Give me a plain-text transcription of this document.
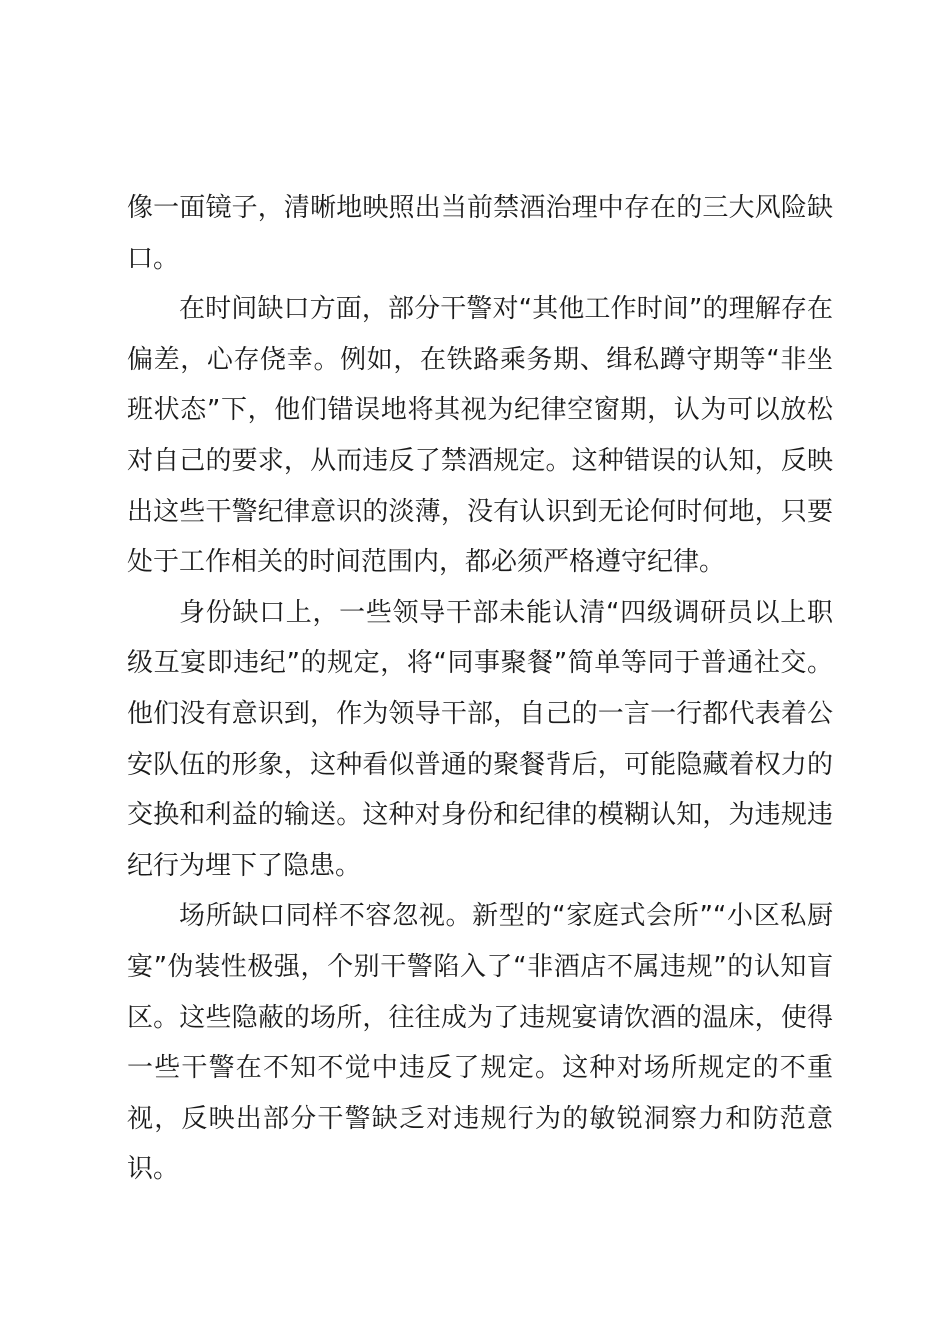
像一面镜子，清晰地映照出当前禁酒治理中存在的三大风险缺口。

在时间缺口方面，部分干警对“其他工作时间”的理解存在偏差，心存侥幸。例如，在铁路乘务期、缉私蹲守期等“非坐班状态”下，他们错误地将其视为纪律空窗期，认为可以放松对自己的要求，从而违反了禁酒规定。这种错误的认知，反映出这些干警纪律意识的淡薄，没有认识到无论何时何地，只要处于工作相关的时间范围内，都必须严格遵守纪律。

身份缺口上，一些领导干部未能认清“四级调研员以上职级互宴即违纪”的规定，将“同事聚餐”简单等同于普通社交。他们没有意识到，作为领导干部，自己的一言一行都代表着公安队伍的形象，这种看似普通的聚餐背后，可能隐藏着权力的交换和利益的输送。这种对身份和纪律的模糊认知，为违规违纪行为埋下了隐患。

场所缺口同样不容忽视。新型的“家庭式会所”“小区私厨宴”伪装性极强，个别干警陷入了“非酒店不属违规”的认知盲区。这些隐蔽的场所，往往成为了违规宴请饮酒的温床，使得一些干警在不知不觉中违反了规定。这种对场所规定的不重视，反映出部分干警缺乏对违规行为的敏锐洞察力和防范意识。
